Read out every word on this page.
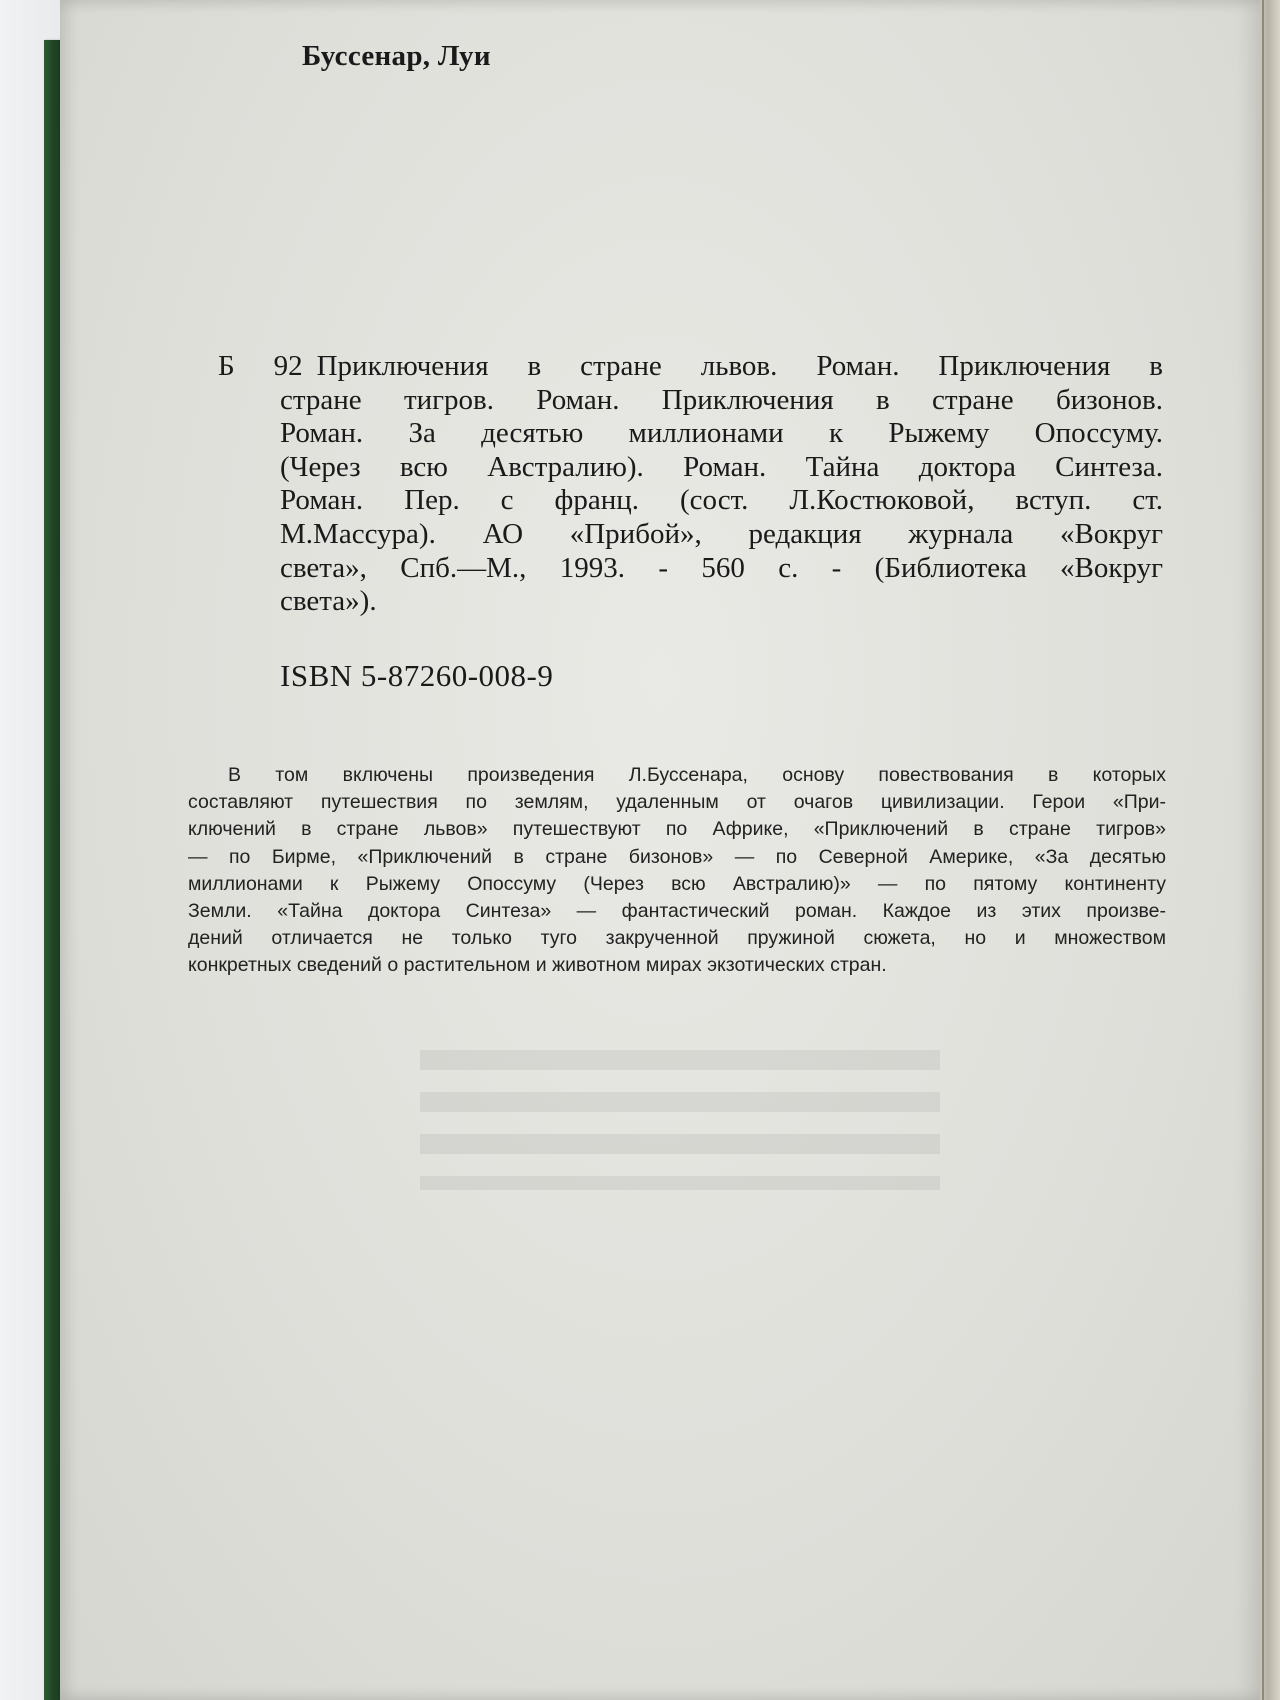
Буссенар, Луи
Б 92 Приключения в стране львов. Роман. Приключения в
стране тигров. Роман. Приключения в стране бизонов.
Роман. За десятью миллионами к Рыжему Опоссуму.
(Через всю Австралию). Роман. Тайна доктора Синтеза.
Роман. Пер. с франц. (сост. Л.Костюковой, вступ. ст.
М.Массура). АО «Прибой», редакция журнала «Вокруг
света», Спб.—М., 1993. - 560 с. - (Библиотека «Вокруг
света»).
ISBN 5-87260-008-9
В том включены произведения Л.Буссенара, основу повествования в которых
составляют путешествия по землям, удаленным от очагов цивилизации. Герои «При-
ключений в стране львов» путешествуют по Африке, «Приключений в стране тигров»
— по Бирме, «Приключений в стране бизонов» — по Северной Америке, «За десятью
миллионами к Рыжему Опоссуму (Через всю Австралию)» — по пятому континенту
Земли. «Тайна доктора Синтеза» — фантастический роман. Каждое из этих произве-
дений отличается не только туго закрученной пружиной сюжета, но и множеством
конкретных сведений о растительном и животном мирах экзотических стран.
